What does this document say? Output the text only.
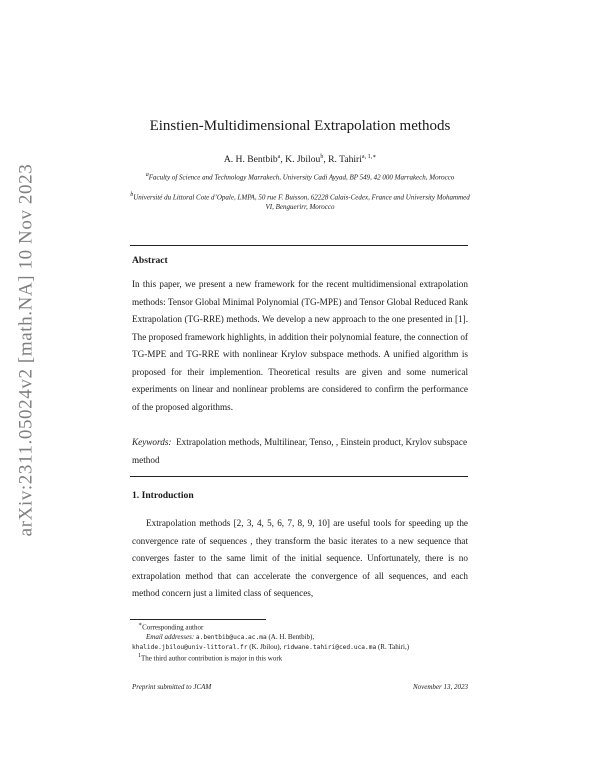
arXiv:2311.05024v2 [math.NA] 10 Nov 2023
Einstien-Multidimensional Extrapolation methods
A. H. Bentbib$^a$, K. Jbilou$^b$, R. Tahiri$^{a, 1,∗}$
$^a$Faculty of Science and Technology Marrakech, University Cadi Ayyad, BP 549, 42 000 Marrakech, Morocco
$^b$Université du Littoral Cote d’Opale, LMPA, 50 rue F. Buisson, 62228 Calais-Cedex, France and University Mohammed VI, Benguerirr, Morocco
Abstract

In this paper, we present a new framework for the recent multidimensional extrapolation methods: Tensor Global Minimal Polynomial (TG-MPE) and Tensor Global Reduced Rank Extrapolation (TG-RRE) methods. We develop a new approach to the one presented in [1]. The proposed framework highlights, in addition their polynomial feature, the connection of TG-MPE and TG-RRE with nonlinear Krylov subspace methods. A unified algorithm is proposed for their implemention. Theoretical results are given and some numerical experiments on linear and nonlinear problems are considered to confirm the performance of the proposed algorithms.

Keywords: Extrapolation methods, Multilinear, Tenso, , Einstein product, Krylov subspace method

1. Introduction

Extrapolation methods [2, 3, 4, 5, 6, 7, 8, 9, 10] are useful tools for speeding up the convergence rate of sequences , they transform the basic iterates to a new sequence that converges faster to the same limit of the initial sequence. Unfortunately, there is no extrapolation method that can accelerate the convergence of all sequences, and each method concern just a limited class of sequences,

∗Corresponding author
Email addresses: a.bentbib@uca.ac.ma (A. H. Bentbib),
khalide.jbilou@univ-littoral.fr (K. Jbilou), ridwane.tahiri@ced.uca.ma (R. Tahiri,)
$^1$The third author contribution is major in this work
Preprint submitted to JCAM	November 13, 2023
